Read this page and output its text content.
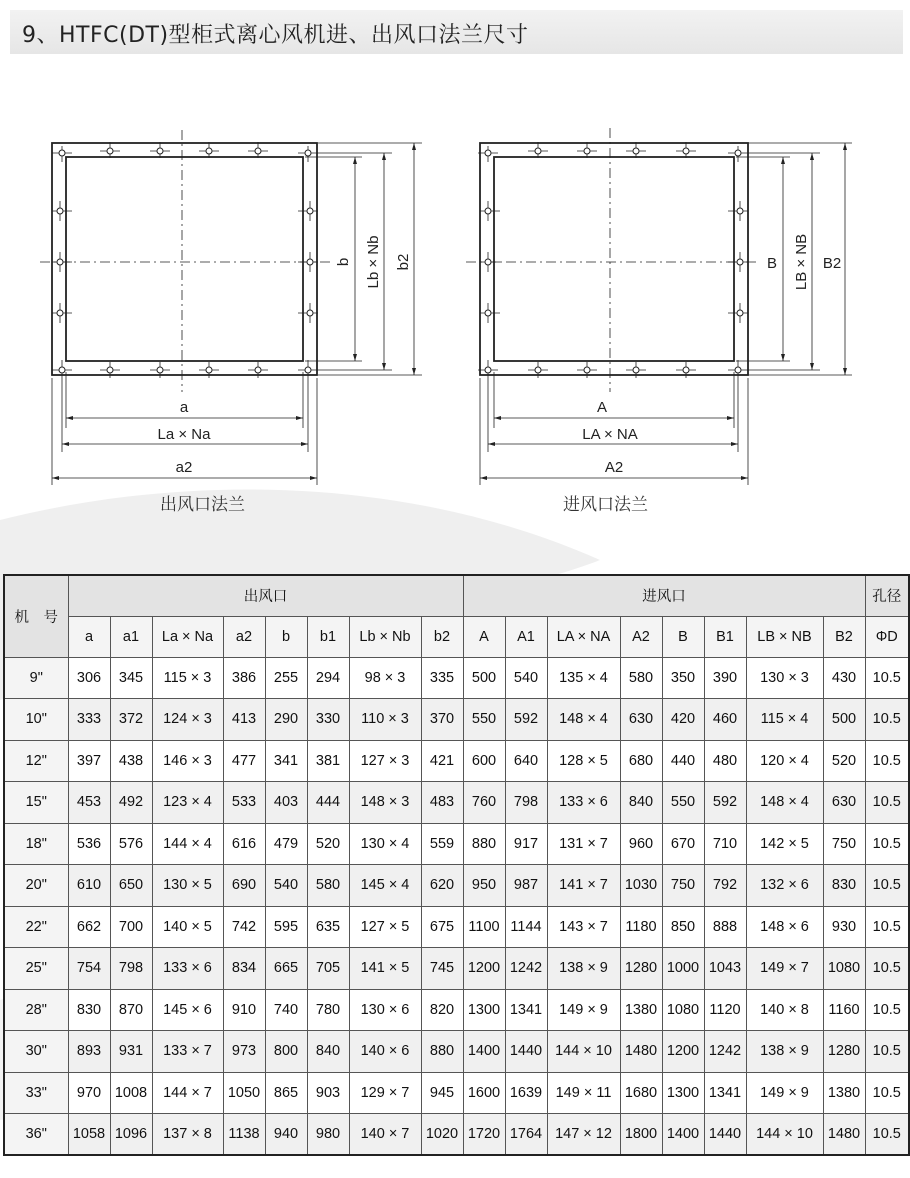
9、HTFC(DT)型柜式离心风机进、出风口法兰尺寸
a
La × Na
a2
b Lb × Nb b2
A
LA × NA
A2
B LB × NB B2
出风口法兰	进风口法兰
机　号	出风口								进风口								孔径
	a	a1	La × Na	a2	b	b1	Lb × Nb	b2	A	A1	LA × NA	A2	B	B1	LB × NB	B2	ΦD
9"	306	345	115 × 3	386	255	294	98 × 3	335	500	540	135 × 4	580	350	390	130 × 3	430	10.5
10"	333	372	124 × 3	413	290	330	110 × 3	370	550	592	148 × 4	630	420	460	115 × 4	500	10.5
12"	397	438	146 × 3	477	341	381	127 × 3	421	600	640	128 × 5	680	440	480	120 × 4	520	10.5
15"	453	492	123 × 4	533	403	444	148 × 3	483	760	798	133 × 6	840	550	592	148 × 4	630	10.5
18"	536	576	144 × 4	616	479	520	130 × 4	559	880	917	131 × 7	960	670	710	142 × 5	750	10.5
20"	610	650	130 × 5	690	540	580	145 × 4	620	950	987	141 × 7	1030	750	792	132 × 6	830	10.5
22"	662	700	140 × 5	742	595	635	127 × 5	675	1100	1144	143 × 7	1180	850	888	148 × 6	930	10.5
25"	754	798	133 × 6	834	665	705	141 × 5	745	1200	1242	138 × 9	1280	1000	1043	149 × 7	1080	10.5
28"	830	870	145 × 6	910	740	780	130 × 6	820	1300	1341	149 × 9	1380	1080	1120	140 × 8	1160	10.5
30"	893	931	133 × 7	973	800	840	140 × 6	880	1400	1440	144 × 10	1480	1200	1242	138 × 9	1280	10.5
33"	970	1008	144 × 7	1050	865	903	129 × 7	945	1600	1639	149 × 11	1680	1300	1341	149 × 9	1380	10.5
36"	1058	1096	137 × 8	1138	940	980	140 × 7	1020	1720	1764	147 × 12	1800	1400	1440	144 × 10	1480	10.5
